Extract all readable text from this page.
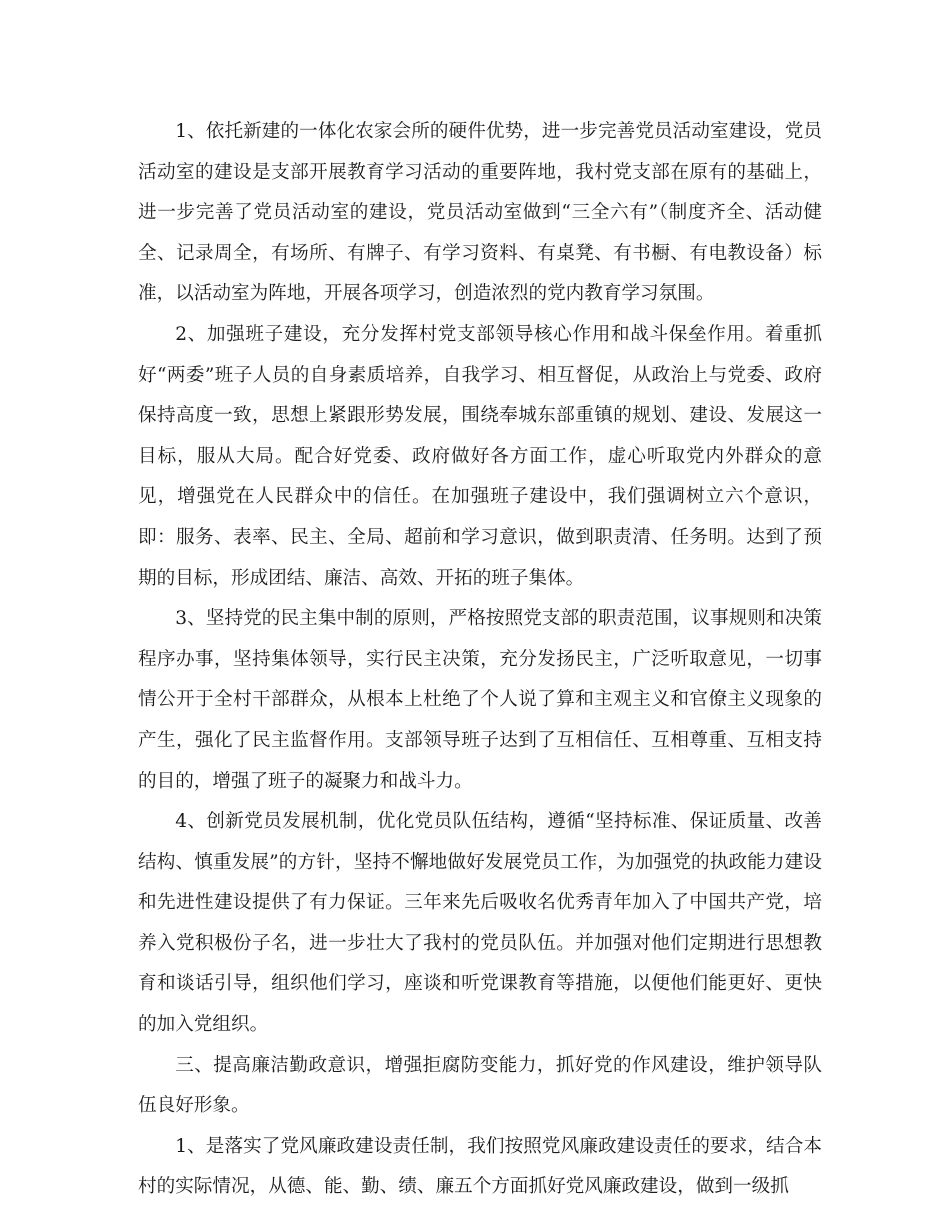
1、依托新建的一体化农家会所的硬件优势，进一步完善党员活动室建设，党员活动室的建设是支部开展教育学习活动的重要阵地，我村党支部在原有的基础上，进一步完善了党员活动室的建设，党员活动室做到“三全六有”（制度齐全、活动健全、记录周全，有场所、有牌子、有学习资料、有桌凳、有书橱、有电教设备）标准，以活动室为阵地，开展各项学习，创造浓烈的党内教育学习氛围。

2、加强班子建设，充分发挥村党支部领导核心作用和战斗保垒作用。着重抓好“两委”班子人员的自身素质培养，自我学习、相互督促，从政治上与党委、政府保持高度一致，思想上紧跟形势发展，围绕奉城东部重镇的规划、建设、发展这一目标，服从大局。配合好党委、政府做好各方面工作，虚心听取党内外群众的意见，增强党在人民群众中的信任。在加强班子建设中，我们强调树立六个意识，即：服务、表率、民主、全局、超前和学习意识，做到职责清、任务明。达到了预期的目标，形成团结、廉洁、高效、开拓的班子集体。

3、坚持党的民主集中制的原则，严格按照党支部的职责范围，议事规则和决策程序办事，坚持集体领导，实行民主决策，充分发扬民主，广泛听取意见，一切事情公开于全村干部群众，从根本上杜绝了个人说了算和主观主义和官僚主义现象的产生，强化了民主监督作用。支部领导班子达到了互相信任、互相尊重、互相支持的目的，增强了班子的凝聚力和战斗力。

4、创新党员发展机制，优化党员队伍结构，遵循“坚持标准、保证质量、改善结构、慎重发展”的方针，坚持不懈地做好发展党员工作，为加强党的执政能力建设和先进性建设提供了有力保证。三年来先后吸收名优秀青年加入了中国共产党，培养入党积极份子名，进一步壮大了我村的党员队伍。并加强对他们定期进行思想教育和谈话引导，组织他们学习，座谈和听党课教育等措施，以便他们能更好、更快的加入党组织。

三、提高廉洁勤政意识，增强拒腐防变能力，抓好党的作风建设，维护领导队伍良好形象。

1、是落实了党风廉政建设责任制，我们按照党风廉政建设责任的要求，结合本村的实际情况，从德、能、勤、绩、廉五个方面抓好党风廉政建设，做到一级抓
